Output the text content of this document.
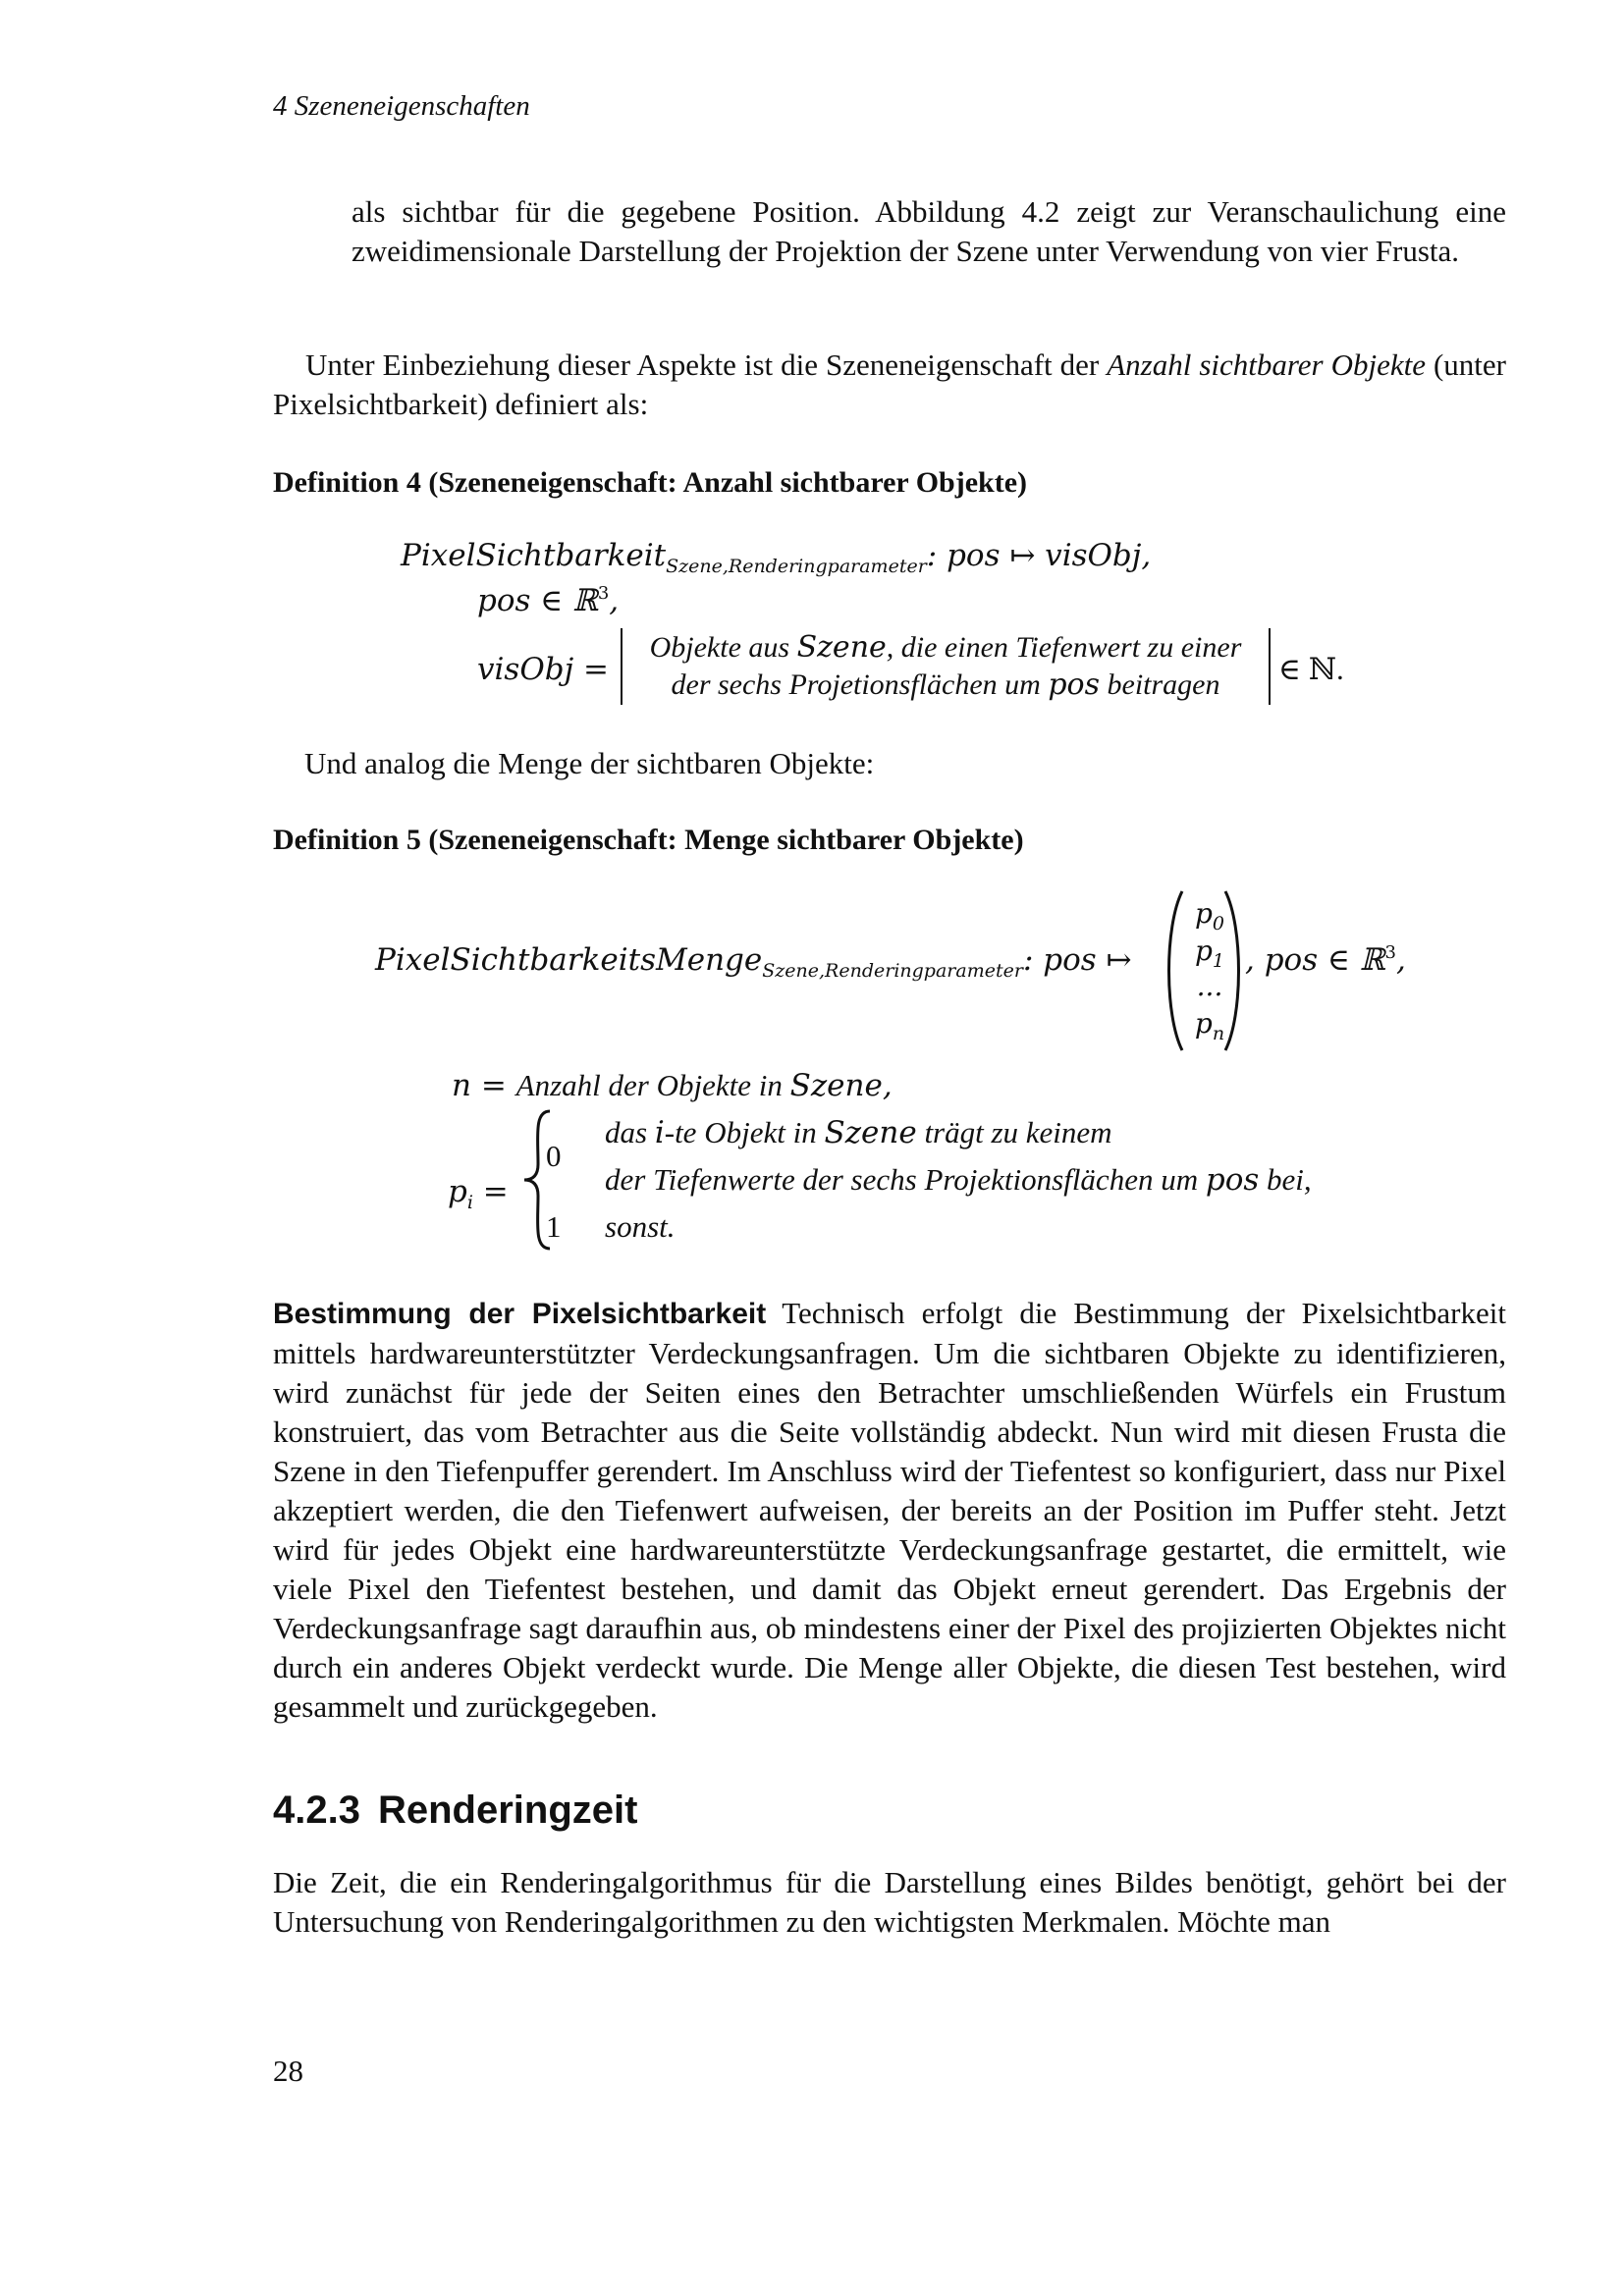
4 Szeneneigenschaften
als sichtbar für die gegebene Position. Abbildung 4.2 zeigt zur Veranschaulichung eine zweidimensionale Darstellung der Projektion der Szene unter Verwendung von vier Frusta.
Unter Einbeziehung dieser Aspekte ist die Szeneneigenschaft der Anzahl sichtbarer Objekte (unter Pixelsichtbarkeit) definiert als:
Definition 4 (Szeneneigenschaft: Anzahl sichtbarer Objekte)
PixelSichtbarkeit$_{Szene,Renderingparameter}$: pos ↦ visObj,
pos ∈ ℝ$^3$,
visObj =
Objekte aus Szene, die einen Tiefenwert zu einer
der sechs Projetionsflächen um pos beitragen	∈ ℕ.
Und analog die Menge der sichtbaren Objekte:
Definition 5 (Szeneneigenschaft: Menge sichtbarer Objekte)
PixelSichtbarkeitsMenge$_{Szene,Renderingparameter}$: pos ↦
$p_0$
$p_1$
...
$p_n$
, pos ∈ ℝ$^3$,
n = Anzahl der Objekte in Szene,
$p_i$ =
0
das i-te Objekt in Szene trägt zu keinem
der Tiefenwerte der sechs Projektionsflächen um pos bei,
1 sonst.
Bestimmung der Pixelsichtbarkeit Technisch erfolgt die Bestimmung der Pixelsichtbarkeit mittels hardwareunterstützter Verdeckungsanfragen. Um die sichtbaren Objekte zu identifizieren, wird zunächst für jede der Seiten eines den Betrachter umschließenden Würfels ein Frustum konstruiert, das vom Betrachter aus die Seite vollständig abdeckt. Nun wird mit diesen Frusta die Szene in den Tiefenpuffer gerendert. Im Anschluss wird der Tiefentest so konfiguriert, dass nur Pixel akzeptiert werden, die den Tiefenwert aufweisen, der bereits an der Position im Puffer steht. Jetzt wird für jedes Objekt eine hardwareunterstützte Verdeckungsanfrage gestartet, die ermittelt, wie viele Pixel den Tiefentest bestehen, und damit das Objekt erneut gerendert. Das Ergebnis der Verdeckungsanfrage sagt daraufhin aus, ob mindestens einer der Pixel des projizierten Objektes nicht durch ein anderes Objekt verdeckt wurde. Die Menge aller Objekte, die diesen Test bestehen, wird gesammelt und zurückgegeben.
4.2.3 Renderingzeit
Die Zeit, die ein Renderingalgorithmus für die Darstellung eines Bildes benötigt, gehört bei der Untersuchung von Renderingalgorithmen zu den wichtigsten Merkmalen. Möchte man
28
